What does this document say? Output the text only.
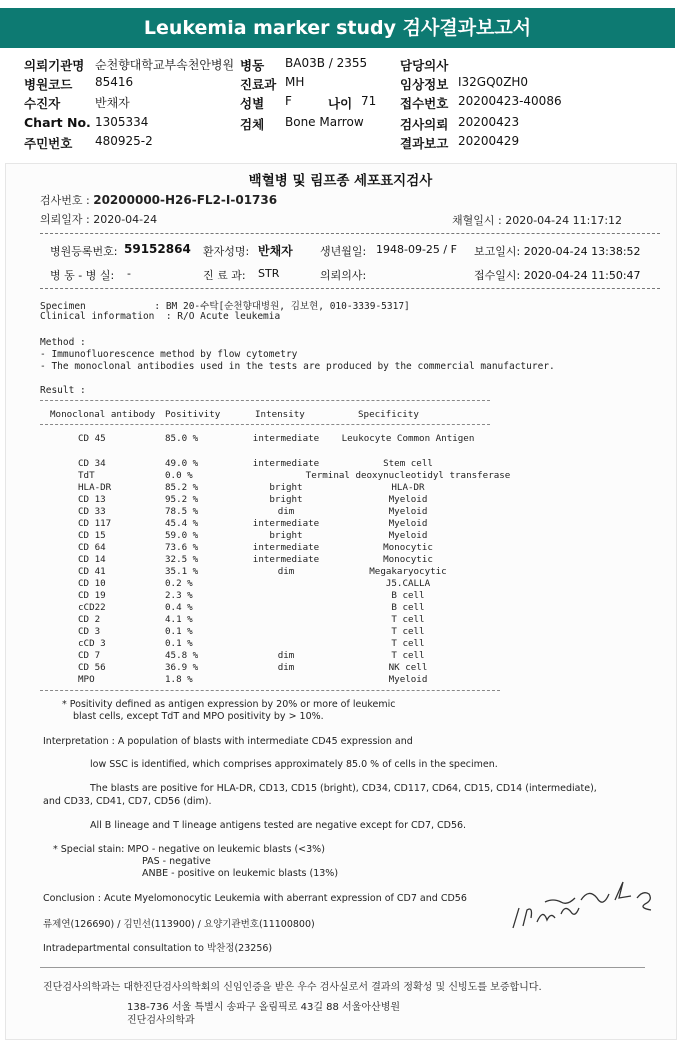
Leukemia marker study 검사결과보고서
의뢰기관명 순천향대학교부속천안병원 병동 BA03B / 2355	담당의사
병원코드 85416	진료과 MH	임상정보 I32GQ0ZH0
수진자	반채자	성별 F	나이 71 접수번호 20200423-40086
Chart No. 1305334	검체 Bone Marrow	검사의뢰 20200423
주민번호 480925-2	결과보고 20200429
백혈병 및 림프종 세포표지검사
검사번호 : 20200000-H26-FL2-I-01736
의뢰일자 : 2020-04-24	채혈일시 : 2020-04-24 11:17:12
병원등록번호: 59152864 환자성명: 반채자 생년월일: 1948-09-25 / F 보고일시: 2020-04-24 13:38:52
병 동 - 병 실: -	진 료 과: STR	의뢰의사:	접수일시: 2020-04-24 11:50:47
Specimen            : BM 20-수탁[순천향대병원, 김보현, 010-3339-5317]
Clinical information  : R/O Acute leukemia
Method :
- Immunofluorescence method by flow cytometry
- The monoclonal antibodies used in the tests are produced by the commercial manufacturer.
Result :
Monoclonal antibody Positivity	Intensity	Specificity
CD 45	85.0 %	intermediate Leukocyte Common Antigen
CD 34	49.0 %	intermediate	Stem cell
TdT	0.0 %	Terminal deoxynucleotidyl transferase
HLA-DR	85.2 %	bright	HLA-DR
CD 13	95.2 %	bright	Myeloid
CD 33	78.5 %	dim	Myeloid
CD 117	45.4 %	intermediate	Myeloid
CD 15	59.0 %	bright	Myeloid
CD 64	73.6 %	intermediate	Monocytic
CD 14	32.5 %	intermediate	Monocytic
CD 41	35.1 %	dim	Megakaryocytic
CD 10	0.2 %	J5.CALLA
CD 19	2.3 %	B cell
cCD22	0.4 %	B cell
CD 2	4.1 %	T cell
CD 3	0.1 %	T cell
cCD 3	0.1 %	T cell
CD 7	45.8 %	dim	T cell
CD 56	36.9 %	dim	NK cell
MPO	1.8 %	Myeloid
* Positivity defined as antigen expression by 20% or more of leukemic
blast cells, except TdT and MPO positivity by > 10%.
Interpretation : A population of blasts with intermediate CD45 expression and
low SSC is identified, which comprises approximately 85.0 % of cells in the specimen.
The blasts are positive for HLA-DR, CD13, CD15 (bright), CD34, CD117, CD64, CD15, CD14 (intermediate),
and CD33, CD41, CD7, CD56 (dim).
All B lineage and T lineage antigens tested are negative except for CD7, CD56.
* Special stain: MPO - negative on leukemic blasts (<3%)
PAS - negative
ANBE - positive on leukemic blasts (13%)
Conclusion : Acute Myelomonocytic Leukemia with aberrant expression of CD7 and CD56
류제연(126690) / 김민선(113900) / 요양기관번호(11100800)
Intradepartmental consultation to 박찬정(23256)
진단검사의학과는 대한진단검사의학회의 신임인증을 받은 우수 검사실로서 결과의 정확성 및 신빙도를 보증합니다.
138-736 서울 특별시 송파구 올림픽로 43길 88 서울아산병원
진단검사의학과
